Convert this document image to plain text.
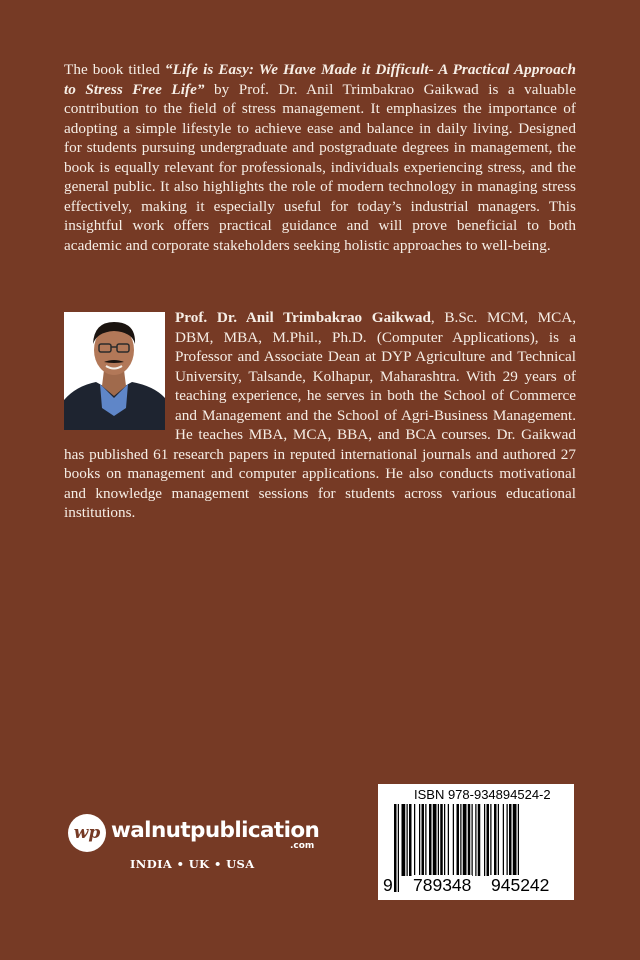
The book titled “Life is Easy: We Have Made it Difficult- A Practical Approach to Stress Free Life” by Prof. Dr. Anil Trimbakrao Gaikwad is a valuable contribution to the field of stress management. It emphasizes the importance of adopting a simple lifestyle to achieve ease and balance in daily living. Designed for students pursuing undergraduate and postgraduate degrees in management, the book is equally relevant for professionals, individuals experiencing stress, and the general public. It also highlights the role of modern technology in managing stress effectively, making it especially useful for today’s industrial managers. This insightful work offers practical guidance and will prove beneficial to both academic and corporate stakeholders seeking holistic approaches to well-being.

Prof. Dr. Anil Trimbakrao Gaikwad, B.Sc. MCM, MCA, DBM, MBA, M.Phil., Ph.D. (Computer Applications), is a Professor and Associate Dean at DYP Agriculture and Technical University, Talsande, Kolhapur, Maharashtra. With 29 years of teaching experience, he serves in both the School of Commerce and Management and the School of Agri-Business Management. He teaches MBA, MCA, BBA, and BCA courses. Dr. Gaikwad has published 61 research papers in reputed international journals and authored 27 books on management and computer applications. He also conducts motivational and knowledge management sessions for students across various educational institutions.
wp walnutpublication
.com
INDIA • UK • USA
ISBN 978-934894524-2
9 789348 945242
